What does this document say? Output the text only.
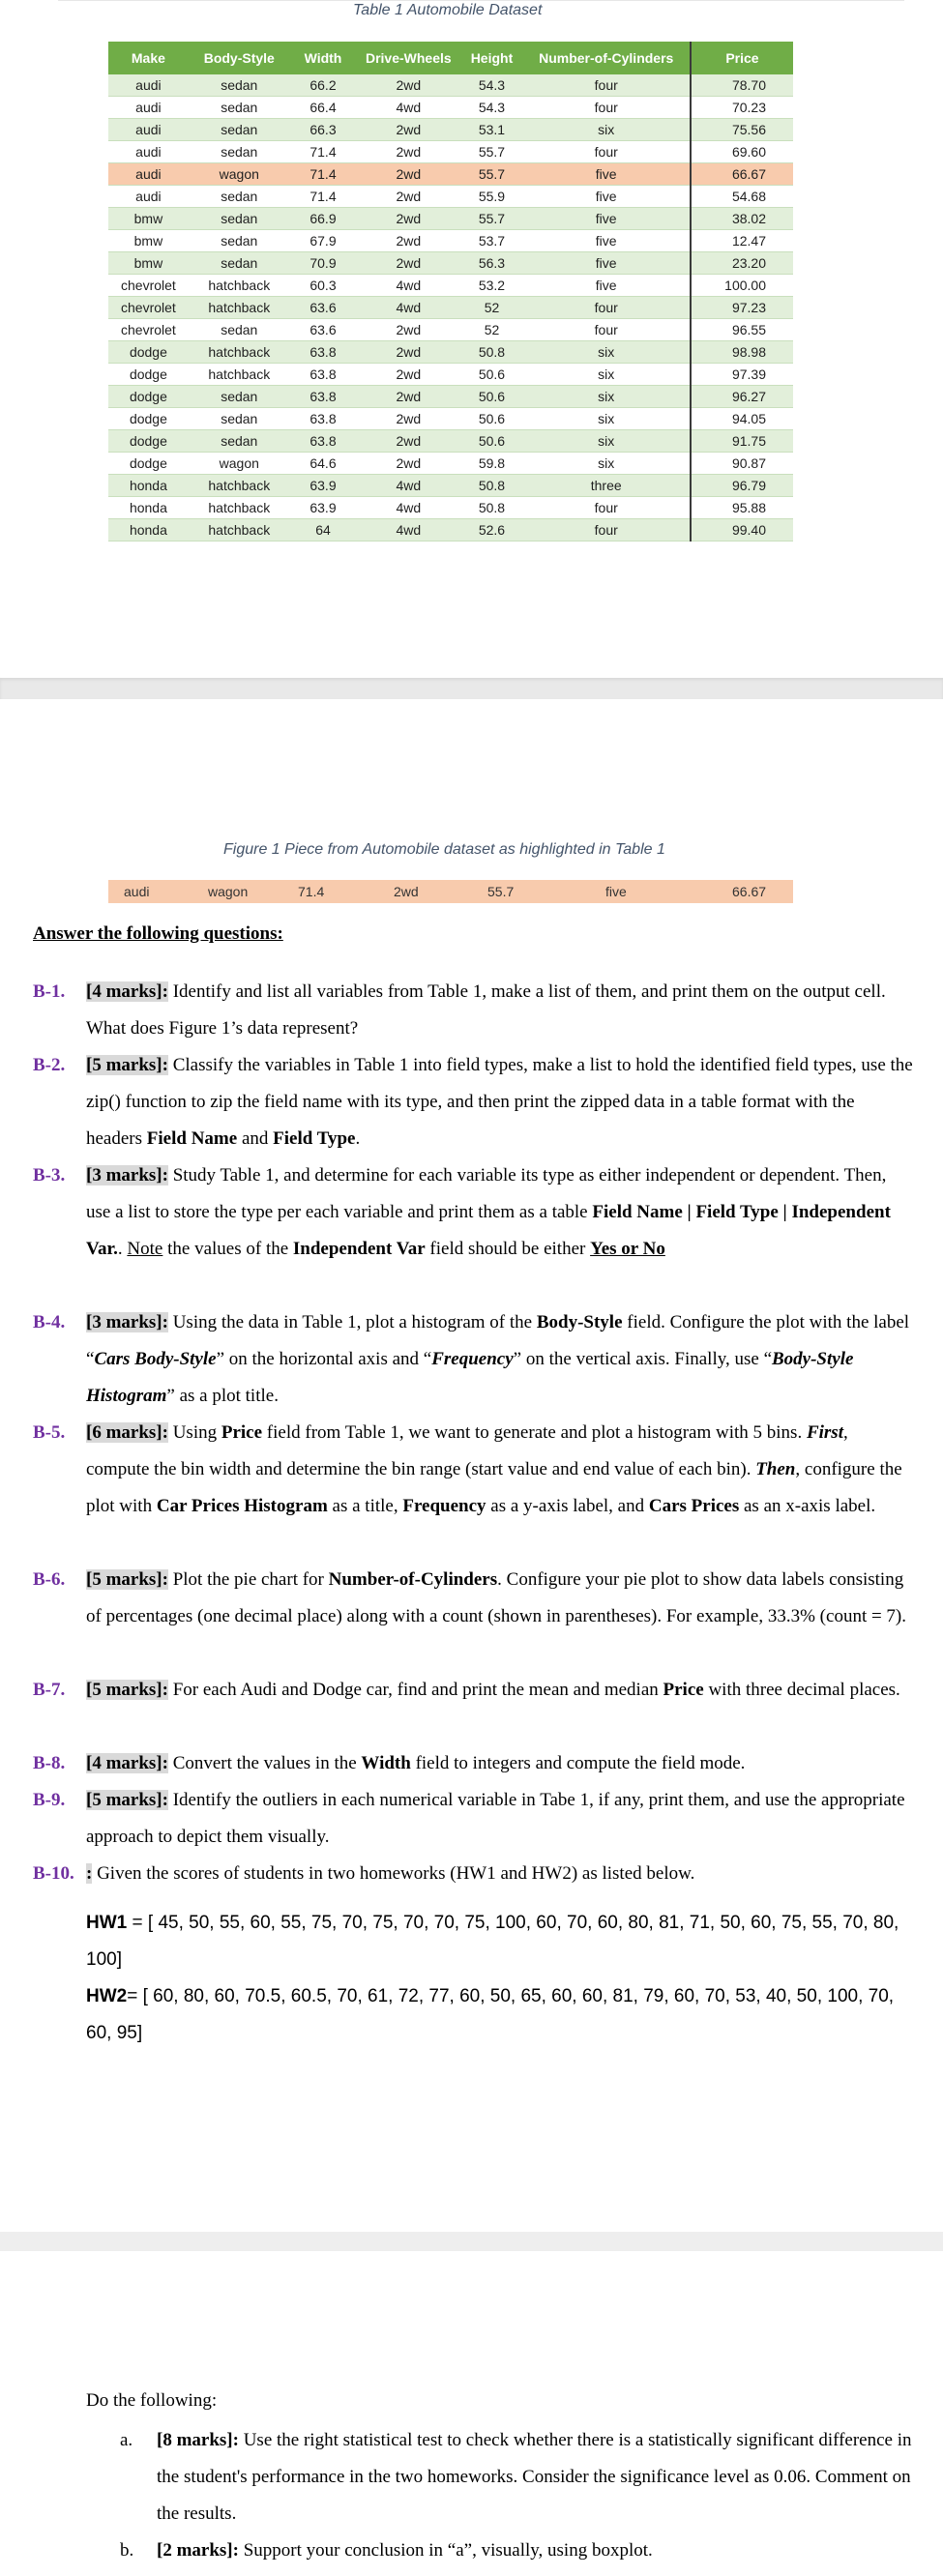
Table 1 Automobile Dataset
Make	Body-Style	Width	Drive-Wheels	Height	Number-of-Cylinders	Price
audi	sedan	66.2	2wd	54.3	four	78.70
audi	sedan	66.4	4wd	54.3	four	70.23
audi	sedan	66.3	2wd	53.1	six	75.56
audi	sedan	71.4	2wd	55.7	four	69.60
audi	wagon	71.4	2wd	55.7	five	66.67
audi	sedan	71.4	2wd	55.9	five	54.68
bmw	sedan	66.9	2wd	55.7	five	38.02
bmw	sedan	67.9	2wd	53.7	five	12.47
bmw	sedan	70.9	2wd	56.3	five	23.20
chevrolet	hatchback	60.3	4wd	53.2	five	100.00
chevrolet	hatchback	63.6	4wd	52	four	97.23
chevrolet	sedan	63.6	2wd	52	four	96.55
dodge	hatchback	63.8	2wd	50.8	six	98.98
dodge	hatchback	63.8	2wd	50.6	six	97.39
dodge	sedan	63.8	2wd	50.6	six	96.27
dodge	sedan	63.8	2wd	50.6	six	94.05
dodge	sedan	63.8	2wd	50.6	six	91.75
dodge	wagon	64.6	2wd	59.8	six	90.87
honda	hatchback	63.9	4wd	50.8	three	96.79
honda	hatchback	63.9	4wd	50.8	four	95.88
honda	hatchback	64	4wd	52.6	four	99.40
Figure 1 Piece from Automobile dataset as highlighted in Table 1
audi	wagon	71.4	2wd	55.7	five	66.67
Answer the following questions:
B-1. [4 marks]: Identify and list all variables from Table 1, make a list of them, and print them on the output cell. What does Figure 1’s data represent?
B-2. [5 marks]: Classify the variables in Table 1 into field types, make a list to hold the identified field types, use the zip() function to zip the field name with its type, and then print the zipped data in a table format with the headers Field Name and Field Type.
B-3. [3 marks]: Study Table 1, and determine for each variable its type as either independent or dependent. Then, use a list to store the type per each variable and print them as a table Field Name | Field Type | Independent Var.. Note the values of the Independent Var field should be either Yes or No
B-4. [3 marks]: Using the data in Table 1, plot a histogram of the Body-Style field. Configure the plot with the label “Cars Body-Style” on the horizontal axis and “Frequency” on the vertical axis. Finally, use “Body-Style Histogram” as a plot title.
B-5. [6 marks]: Using Price field from Table 1, we want to generate and plot a histogram with 5 bins. First, compute the bin width and determine the bin range (start value and end value of each bin). Then, configure the plot with Car Prices Histogram as a title, Frequency as a y-axis label, and Cars Prices as an x-axis label.
B-6. [5 marks]: Plot the pie chart for Number-of-Cylinders. Configure your pie plot to show data labels consisting of percentages (one decimal place) along with a count (shown in parentheses). For example, 33.3% (count = 7).
B-7. [5 marks]: For each Audi and Dodge car, find and print the mean and median Price with three decimal places.
B-8. [4 marks]: Convert the values in the Width field to integers and compute the field mode.
B-9. [5 marks]: Identify the outliers in each numerical variable in Tabe 1, if any, print them, and use the appropriate approach to depict them visually.
B-10. : Given the scores of students in two homeworks (HW1 and HW2) as listed below.
HW1 = [ 45, 50, 55, 60, 55, 75, 70, 75, 70, 70, 75, 100, 60, 70, 60, 80, 81, 71, 50, 60, 75, 55, 70, 80, 100]
HW2= [ 60, 80, 60, 70.5, 60.5, 70, 61, 72, 77, 60, 50, 65, 60, 60, 81, 79, 60, 70, 53, 40, 50, 100, 70, 60, 95]
Do the following:
a. [8 marks]: Use the right statistical test to check whether there is a statistically significant difference in the student's performance in the two homeworks. Consider the significance level as 0.06. Comment on the results.
b. [2 marks]: Support your conclusion in “a”, visually, using boxplot.
